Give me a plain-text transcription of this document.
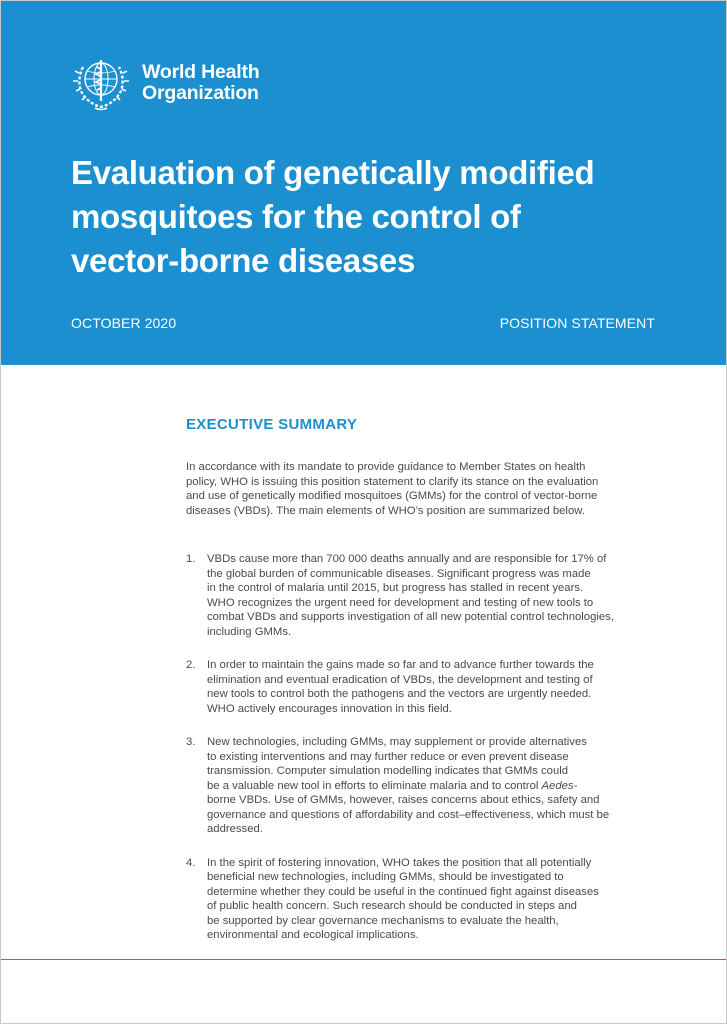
World Health
Organization
Evaluation of genetically modified
mosquitoes for the control of
vector-borne diseases
OCTOBER 2020	POSITION STATEMENT
EXECUTIVE SUMMARY

In accordance with its mandate to provide guidance to Member States on health
policy, WHO is issuing this position statement to clarify its stance on the evaluation
and use of genetically modified mosquitoes (GMMs) for the control of vector-borne
diseases (VBDs). The main elements of WHO’s position are summarized below.

1. VBDs cause more than 700 000 deaths annually and are responsible for 17% of
the global burden of communicable diseases. Significant progress was made
in the control of malaria until 2015, but progress has stalled in recent years.
WHO recognizes the urgent need for development and testing of new tools to
combat VBDs and supports investigation of all new potential control technologies,
including GMMs.
2. In order to maintain the gains made so far and to advance further towards the
elimination and eventual eradication of VBDs, the development and testing of
new tools to control both the pathogens and the vectors are urgently needed.
WHO actively encourages innovation in this field.
3. New technologies, including GMMs, may supplement or provide alternatives
to existing interventions and may further reduce or even prevent disease
transmission. Computer simulation modelling indicates that GMMs could
be a valuable new tool in efforts to eliminate malaria and to control Aedes-
borne VBDs. Use of GMMs, however, raises concerns about ethics, safety and
governance and questions of affordability and cost–effectiveness, which must be
addressed.
4. In the spirit of fostering innovation, WHO takes the position that all potentially
beneficial new technologies, including GMMs, should be investigated to
determine whether they could be useful in the continued fight against diseases
of public health concern. Such research should be conducted in steps and
be supported by clear governance mechanisms to evaluate the health,
environmental and ecological implications.
